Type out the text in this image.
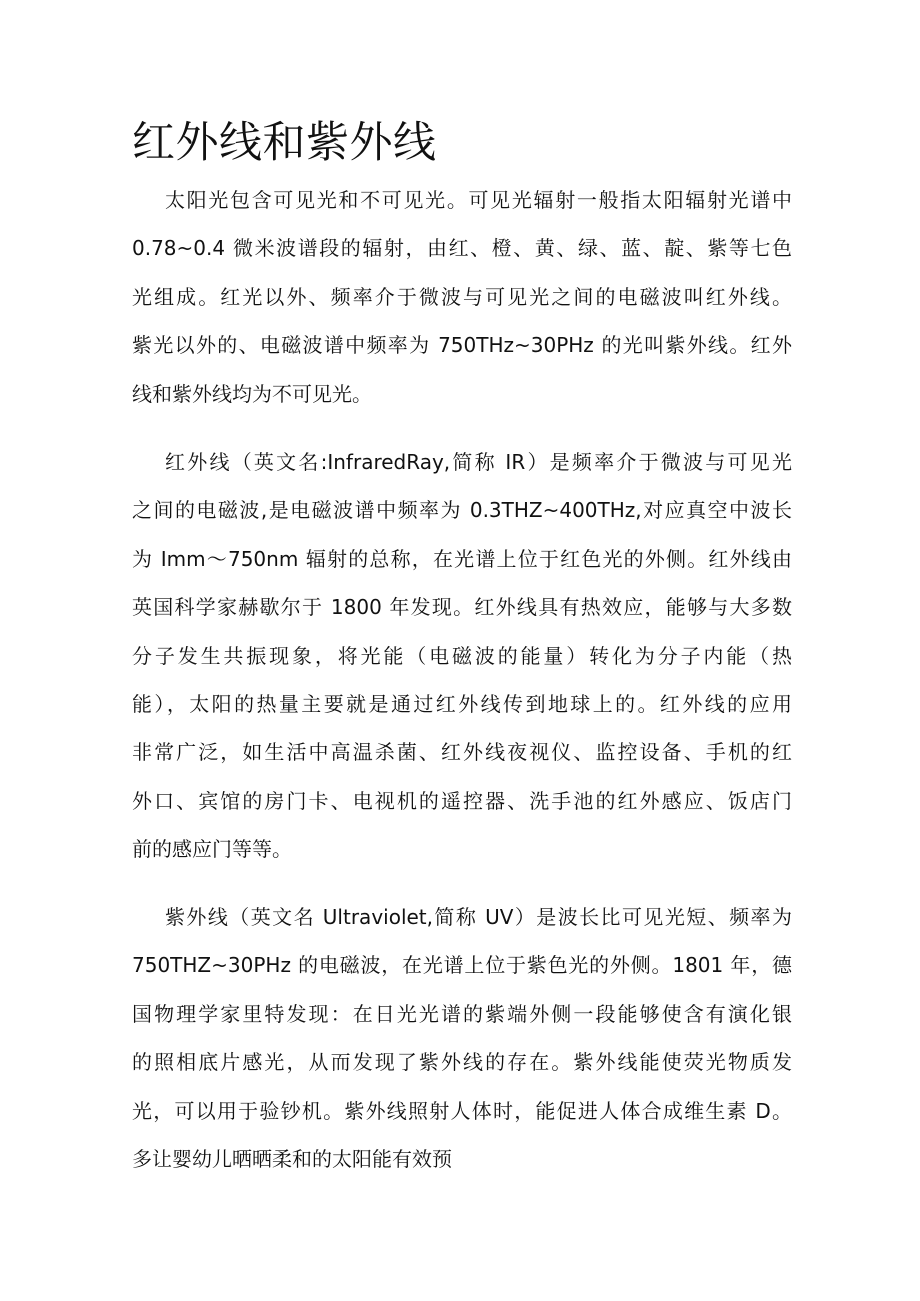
红外线和紫外线
太阳光包含可见光和不可见光。可见光辐射一般指太阳辐射光谱中
0.78~0.4 微米波谱段的辐射，由红、橙、黄、绿、蓝、靛、紫等七色
光组成。红光以外、频率介于微波与可见光之间的电磁波叫红外线。
紫光以外的、电磁波谱中频率为 750THz~30PHz 的光叫紫外线。红外
线和紫外线均为不可见光。
红外线（英文名:InfraredRay,简称 IR）是频率介于微波与可见光
之间的电磁波,是电磁波谱中频率为 0.3THZ~400THz,对应真空中波长
为 Imm～750nm 辐射的总称，在光谱上位于红色光的外侧。红外线由
英国科学家赫歇尔于 1800 年发现。红外线具有热效应，能够与大多数
分子发生共振现象，将光能（电磁波的能量）转化为分子内能（热
能），太阳的热量主要就是通过红外线传到地球上的。红外线的应用
非常广泛，如生活中高温杀菌、红外线夜视仪、监控设备、手机的红
外口、宾馆的房门卡、电视机的遥控器、洗手池的红外感应、饭店门
前的感应门等等。
紫外线（英文名 Ultraviolet,简称 UV）是波长比可见光短、频率为
750THZ~30PHz 的电磁波，在光谱上位于紫色光的外侧。1801 年，德
国物理学家里特发现：在日光光谱的紫端外侧一段能够使含有演化银
的照相底片感光，从而发现了紫外线的存在。紫外线能使荧光物质发
光，可以用于验钞机。紫外线照射人体时，能促进人体合成维生素 D。
多让婴幼儿晒晒柔和的太阳能有效预
